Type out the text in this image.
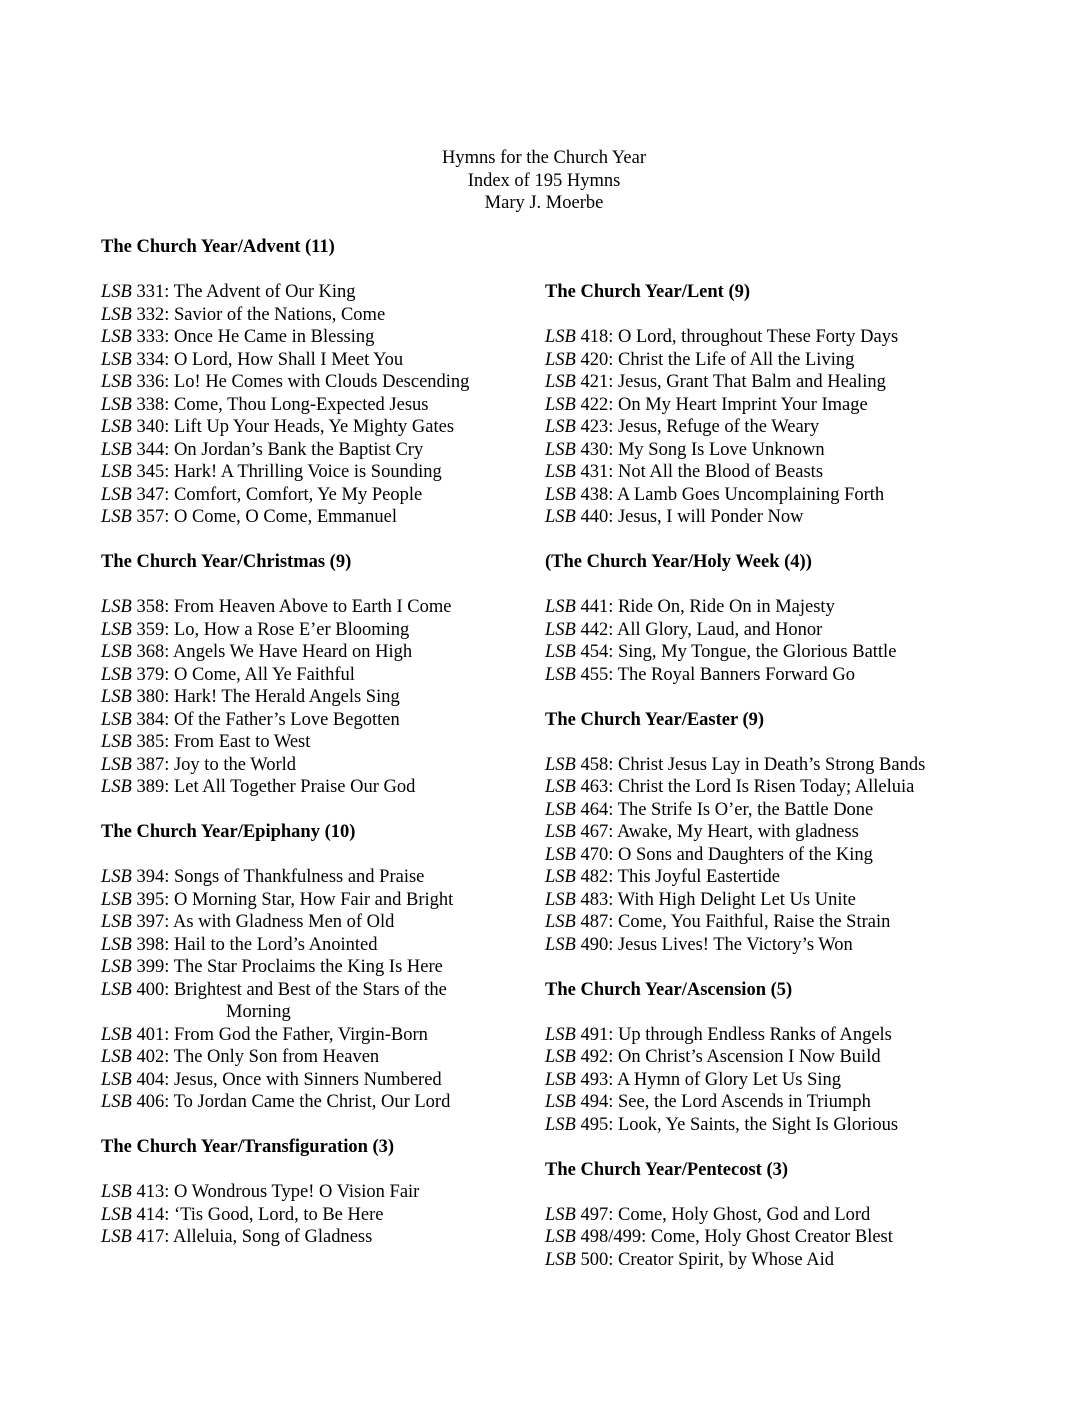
Hymns for the Church Year
Index of 195 Hymns
Mary J. Moerbe
The Church Year/Advent (11)
LSB 331: The Advent of Our King
LSB 332: Savior of the Nations, Come
LSB 333: Once He Came in Blessing
LSB 334: O Lord, How Shall I Meet You
LSB 336: Lo! He Comes with Clouds Descending
LSB 338: Come, Thou Long-Expected Jesus
LSB 340: Lift Up Your Heads, Ye Mighty Gates
LSB 344: On Jordan’s Bank the Baptist Cry
LSB 345: Hark! A Thrilling Voice is Sounding
LSB 347: Comfort, Comfort, Ye My People
LSB 357: O Come, O Come, Emmanuel
The Church Year/Christmas (9)
LSB 358: From Heaven Above to Earth I Come
LSB 359: Lo, How a Rose E’er Blooming
LSB 368: Angels We Have Heard on High
LSB 379: O Come, All Ye Faithful
LSB 380: Hark! The Herald Angels Sing
LSB 384: Of the Father’s Love Begotten
LSB 385: From East to West
LSB 387: Joy to the World
LSB 389: Let All Together Praise Our God
The Church Year/Epiphany (10)
LSB 394: Songs of Thankfulness and Praise
LSB 395: O Morning Star, How Fair and Bright
LSB 397: As with Gladness Men of Old
LSB 398: Hail to the Lord’s Anointed
LSB 399: The Star Proclaims the King Is Here
LSB 400: Brightest and Best of the Stars of the
Morning
LSB 401: From God the Father, Virgin-Born
LSB 402: The Only Son from Heaven
LSB 404: Jesus, Once with Sinners Numbered
LSB 406: To Jordan Came the Christ, Our Lord
The Church Year/Transfiguration (3)
LSB 413: O Wondrous Type! O Vision Fair
LSB 414: ‘Tis Good, Lord, to Be Here
LSB 417: Alleluia, Song of Gladness
The Church Year/Lent (9)
LSB 418: O Lord, throughout These Forty Days
LSB 420: Christ the Life of All the Living
LSB 421: Jesus, Grant That Balm and Healing
LSB 422: On My Heart Imprint Your Image
LSB 423: Jesus, Refuge of the Weary
LSB 430: My Song Is Love Unknown
LSB 431: Not All the Blood of Beasts
LSB 438: A Lamb Goes Uncomplaining Forth
LSB 440: Jesus, I will Ponder Now
(The Church Year/Holy Week (4))
LSB 441: Ride On, Ride On in Majesty
LSB 442: All Glory, Laud, and Honor
LSB 454: Sing, My Tongue, the Glorious Battle
LSB 455: The Royal Banners Forward Go
The Church Year/Easter (9)
LSB 458: Christ Jesus Lay in Death’s Strong Bands
LSB 463: Christ the Lord Is Risen Today; Alleluia
LSB 464: The Strife Is O’er, the Battle Done
LSB 467: Awake, My Heart, with gladness
LSB 470: O Sons and Daughters of the King
LSB 482: This Joyful Eastertide
LSB 483: With High Delight Let Us Unite
LSB 487: Come, You Faithful, Raise the Strain
LSB 490: Jesus Lives! The Victory’s Won
The Church Year/Ascension (5)
LSB 491: Up through Endless Ranks of Angels
LSB 492: On Christ’s Ascension I Now Build
LSB 493: A Hymn of Glory Let Us Sing
LSB 494: See, the Lord Ascends in Triumph
LSB 495: Look, Ye Saints, the Sight Is Glorious
The Church Year/Pentecost (3)
LSB 497: Come, Holy Ghost, God and Lord
LSB 498/499: Come, Holy Ghost Creator Blest
LSB 500: Creator Spirit, by Whose Aid
